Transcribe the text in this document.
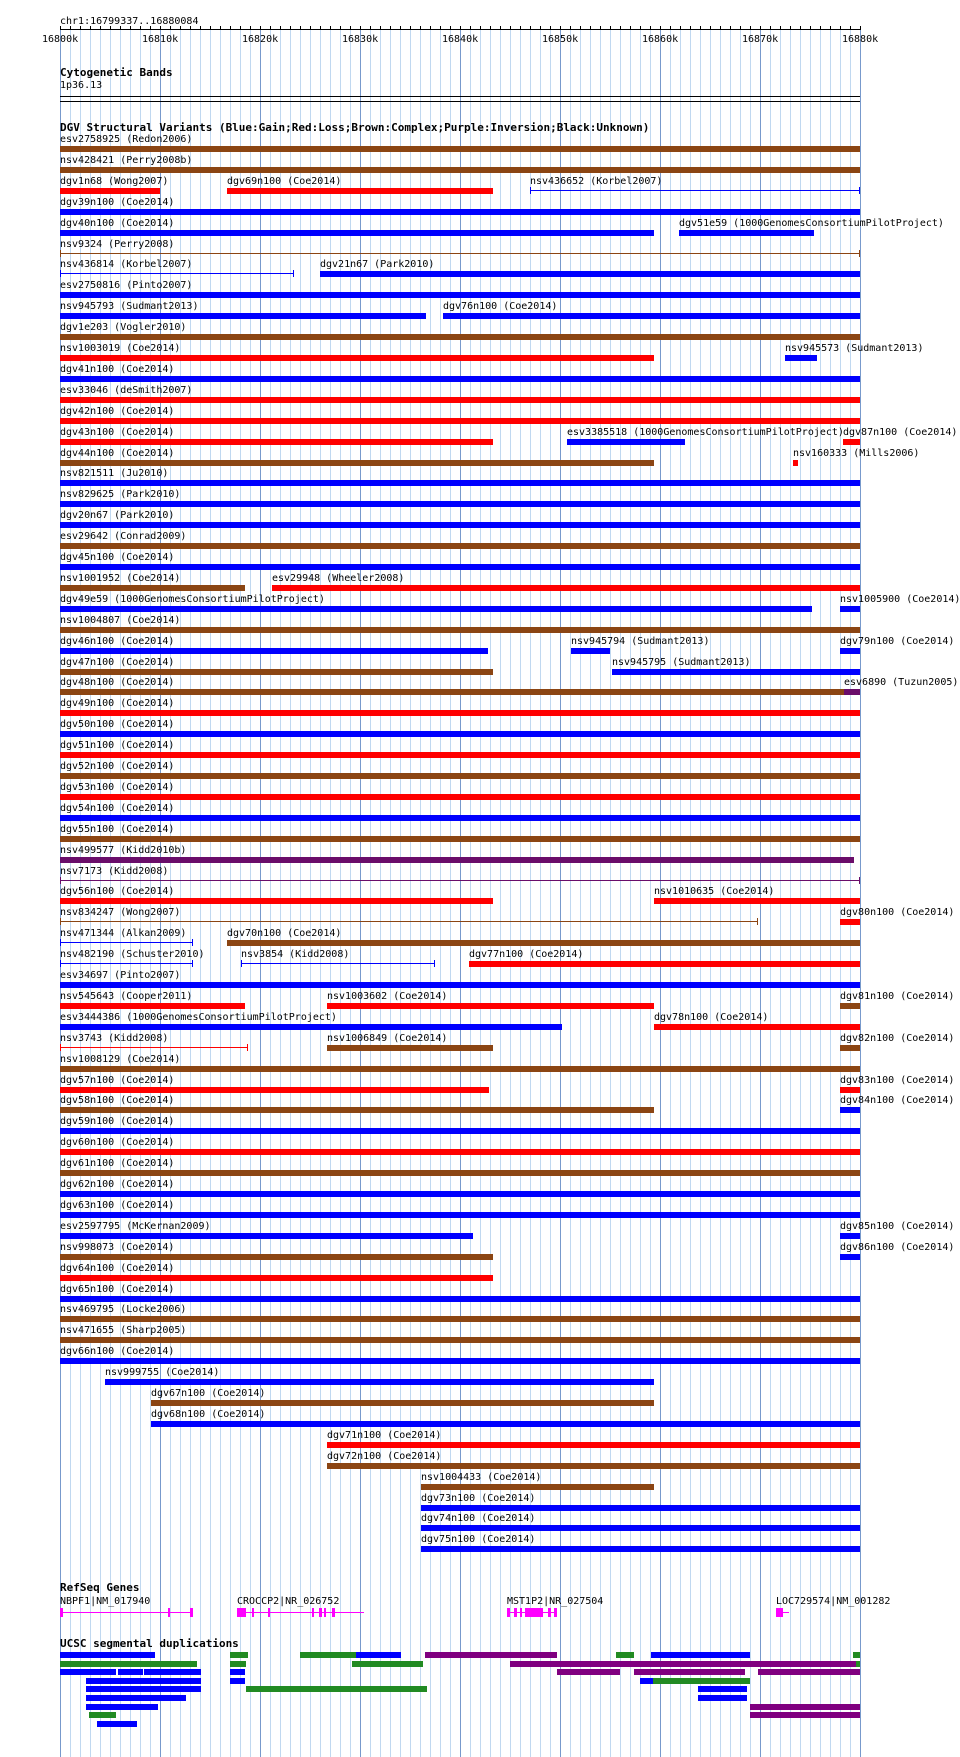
chr1:16799337..16880084
16800k	16810k	16820k	16830k	16840k	16850k	16860k	16870k	16880k
Cytogenetic Bands
1p36.13
DGV Structural Variants (Blue:Gain;Red:Loss;Brown:Complex;Purple:Inversion;Black:Unknown)
esv2758925 (Redon2006)
nsv428421 (Perry2008b)
dgv1n68 (Wong2007)	dgv69n100 (Coe2014)	nsv436652 (Korbel2007)
dgv39n100 (Coe2014)
dgv40n100 (Coe2014)	dgv51e59 (1000GenomesConsortiumPilotProject)
nsv9324 (Perry2008)
nsv436814 (Korbel2007)	dgv21n67 (Park2010)
esv2750816 (Pinto2007)
nsv945793 (Sudmant2013)	dgv76n100 (Coe2014)
dgv1e203 (Vogler2010)
nsv1003019 (Coe2014)	nsv945573 (Sudmant2013)
dgv41n100 (Coe2014)
esv33046 (deSmith2007)
dgv42n100 (Coe2014)
dgv43n100 (Coe2014)	esv3385518 (1000GenomesConsortiumPilotProject) dgv87n100 (Coe2014)
dgv44n100 (Coe2014)	nsv160333 (Mills2006)
nsv821511 (Ju2010)
nsv829625 (Park2010)
dgv20n67 (Park2010)
esv29642 (Conrad2009)
dgv45n100 (Coe2014)
nsv1001952 (Coe2014)	esv29948 (Wheeler2008)
dgv49e59 (1000GenomesConsortiumPilotProject)	nsv1005900 (Coe2014)
nsv1004807 (Coe2014)
dgv46n100 (Coe2014)	nsv945794 (Sudmant2013)	dgv79n100 (Coe2014)
dgv47n100 (Coe2014)	nsv945795 (Sudmant2013)
dgv48n100 (Coe2014)	esv6890 (Tuzun2005)
dgv49n100 (Coe2014)
dgv50n100 (Coe2014)
dgv51n100 (Coe2014)
dgv52n100 (Coe2014)
dgv53n100 (Coe2014)
dgv54n100 (Coe2014)
dgv55n100 (Coe2014)
nsv499577 (Kidd2010b)
nsv7173 (Kidd2008)
dgv56n100 (Coe2014)	nsv1010635 (Coe2014)
nsv834247 (Wong2007)	dgv80n100 (Coe2014)
nsv471344 (Alkan2009)	dgv70n100 (Coe2014)
nsv482190 (Schuster2010)	nsv3854 (Kidd2008)	dgv77n100 (Coe2014)
esv34697 (Pinto2007)
nsv545643 (Cooper2011)	nsv1003602 (Coe2014)	dgv81n100 (Coe2014)
esv3444386 (1000GenomesConsortiumPilotProject)	dgv78n100 (Coe2014)
nsv3743 (Kidd2008)	nsv1006849 (Coe2014)	dgv82n100 (Coe2014)
nsv1008129 (Coe2014)
dgv57n100 (Coe2014)	dgv83n100 (Coe2014)
dgv58n100 (Coe2014)	dgv84n100 (Coe2014)
dgv59n100 (Coe2014)
dgv60n100 (Coe2014)
dgv61n100 (Coe2014)
dgv62n100 (Coe2014)
dgv63n100 (Coe2014)
esv2597795 (McKernan2009)	dgv85n100 (Coe2014)
nsv998073 (Coe2014)	dgv86n100 (Coe2014)
dgv64n100 (Coe2014)
dgv65n100 (Coe2014)
nsv469795 (Locke2006)
nsv471655 (Sharp2005)
dgv66n100 (Coe2014)
nsv999755 (Coe2014)
dgv67n100 (Coe2014)
dgv68n100 (Coe2014)
dgv71n100 (Coe2014)
dgv72n100 (Coe2014)
nsv1004433 (Coe2014)
dgv73n100 (Coe2014)
dgv74n100 (Coe2014)
dgv75n100 (Coe2014)
RefSeq Genes
NBPF1|NM_017940	CROCCP2|NR_026752	MST1P2|NR_027504	LOC729574|NM_001282
UCSC segmental duplications
